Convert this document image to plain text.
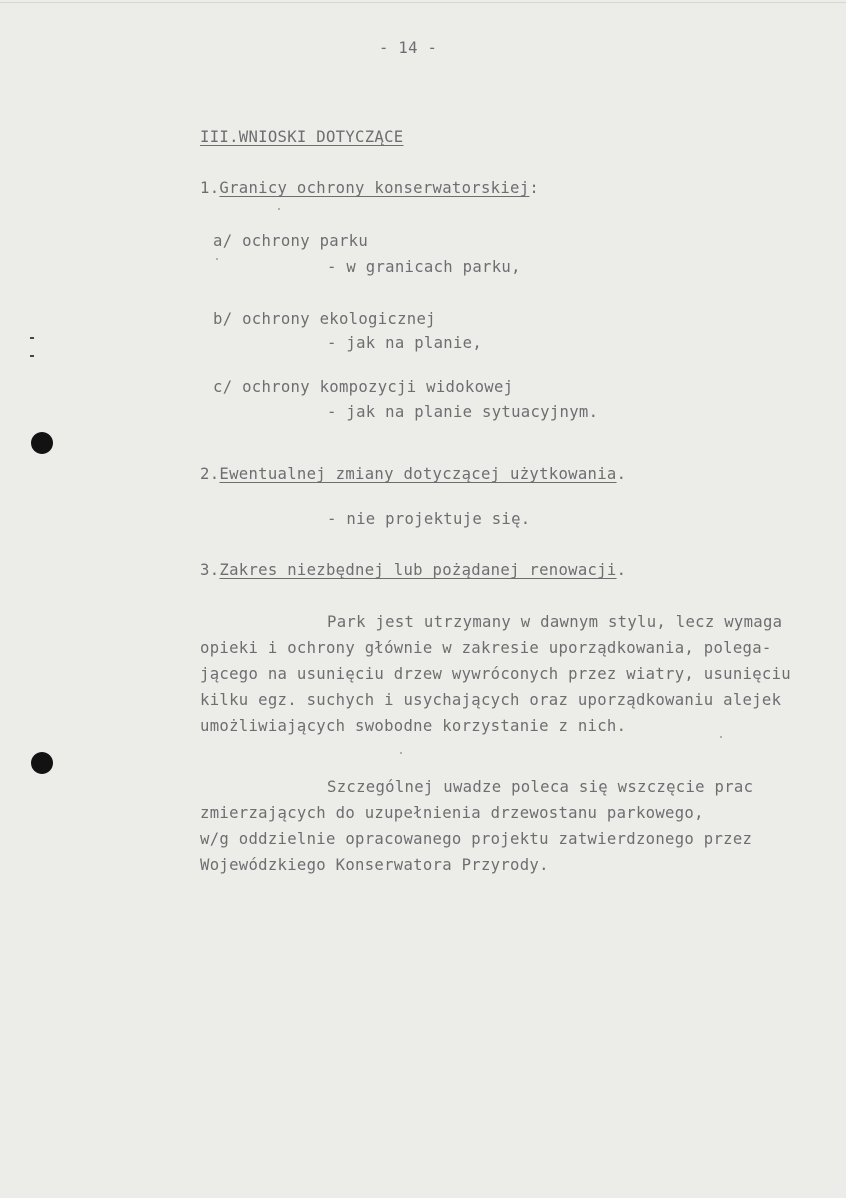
- 14 -
III.WNIOSKI DOTYCZĄCE
1.Granicy ochrony konserwatorskiej:
a/ ochrony parku
- w granicach parku,
b/ ochrony ekologicznej
- jak na planie,
c/ ochrony kompozycji widokowej
- jak na planie sytuacyjnym.
2.Ewentualnej zmiany dotyczącej użytkowania.
- nie projektuje się.
3.Zakres niezbędnej lub pożądanej renowacji.
Park jest utrzymany w dawnym stylu, lecz wymaga
opieki i ochrony głównie w zakresie uporządkowania, polega-
jącego na usunięciu drzew wywróconych przez wiatry, usunięciu
kilku egz. suchych i usychających oraz uporządkowaniu alejek
umożliwiających swobodne korzystanie z nich.
Szczególnej uwadze poleca się wszczęcie prac
zmierzających do uzupełnienia drzewostanu parkowego,
w/g oddzielnie opracowanego projektu zatwierdzonego przez
Wojewódzkiego Konserwatora Przyrody.
